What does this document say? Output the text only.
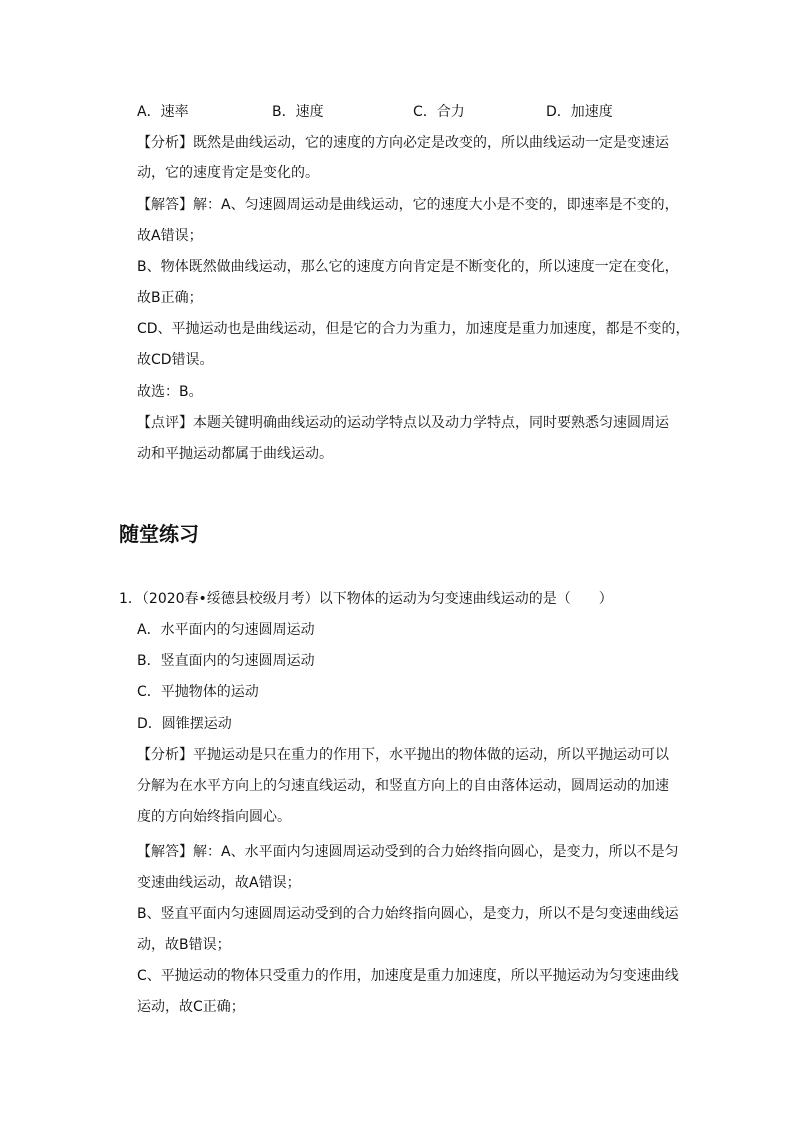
A．速率	B．速度	C．合力	D．加速度
【分析】既然是曲线运动，它的速度的方向必定是改变的，所以曲线运动一定是变速运
动，它的速度肯定是变化的。
【解答】解：A、匀速圆周运动是曲线运动，它的速度大小是不变的，即速率是不变的，
故A错误；
B、物体既然做曲线运动，那么它的速度方向肯定是不断变化的，所以速度一定在变化，
故B正确；
CD、平抛运动也是曲线运动，但是它的合力为重力，加速度是重力加速度，都是不变的，
故CD错误。
故选：B。
【点评】本题关键明确曲线运动的运动学特点以及动力学特点，同时要熟悉匀速圆周运
动和平抛运动都属于曲线运动。
随堂练习
1．（2020春•绥德县校级月考）以下物体的运动为匀变速曲线运动的是（　　）
A．水平面内的匀速圆周运动
B．竖直面内的匀速圆周运动
C．平抛物体的运动
D．圆锥摆运动
【分析】平抛运动是只在重力的作用下，水平抛出的物体做的运动，所以平抛运动可以
分解为在水平方向上的匀速直线运动，和竖直方向上的自由落体运动，圆周运动的加速
度的方向始终指向圆心。
【解答】解：A、水平面内匀速圆周运动受到的合力始终指向圆心，是变力，所以不是匀
变速曲线运动，故A错误；
B、竖直平面内匀速圆周运动受到的合力始终指向圆心，是变力，所以不是匀变速曲线运
动，故B错误；
C、平抛运动的物体只受重力的作用，加速度是重力加速度，所以平抛运动为匀变速曲线
运动，故C正确；
